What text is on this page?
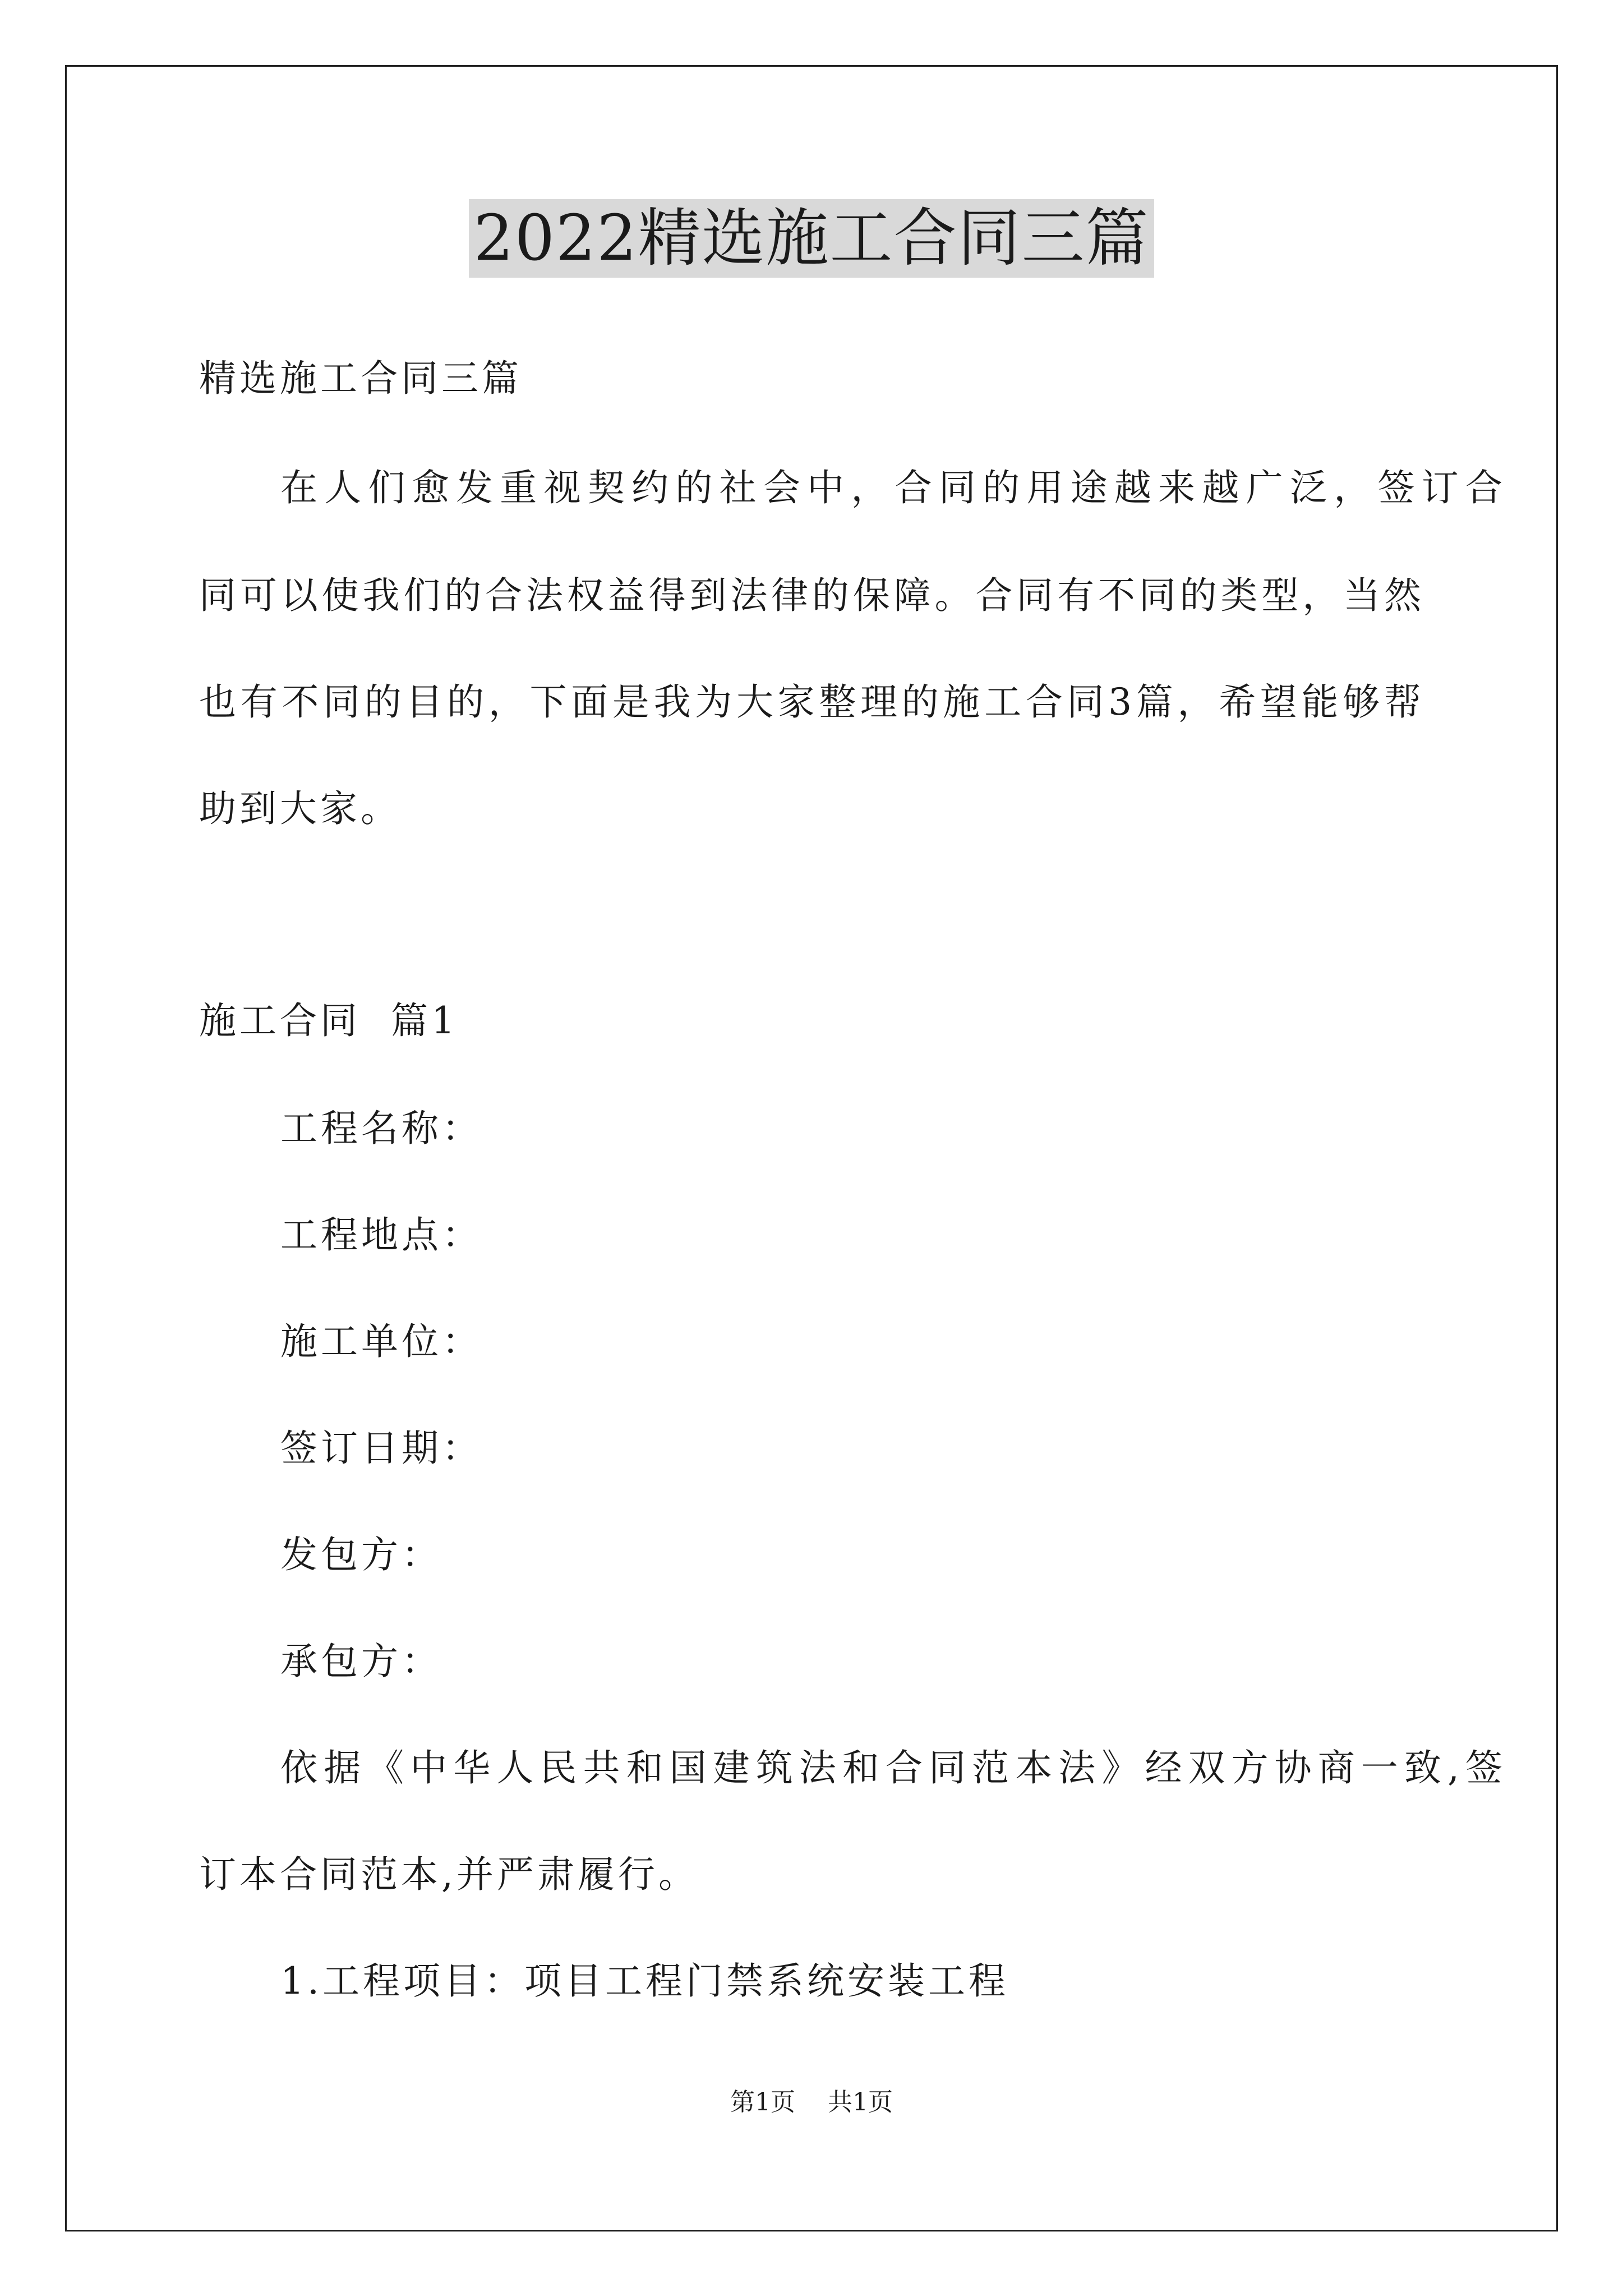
2022精选施工合同三篇
精选施工合同三篇
在人们愈发重视契约的社会中，合同的用途越来越广泛，签订合
同可以使我们的合法权益得到法律的保障。合同有不同的类型，当然
也有不同的目的，下面是我为大家整理的施工合同3篇，希望能够帮
助到大家。
施工合同  篇1
工程名称：
工程地点：
施工单位：
签订日期：
发包方：
承包方：
依据《中华人民共和国建筑法和合同范本法》经双方协商一致,签
订本合同范本,并严肃履行。
1.工程项目：项目工程门禁系统安装工程
第1页 共1页
